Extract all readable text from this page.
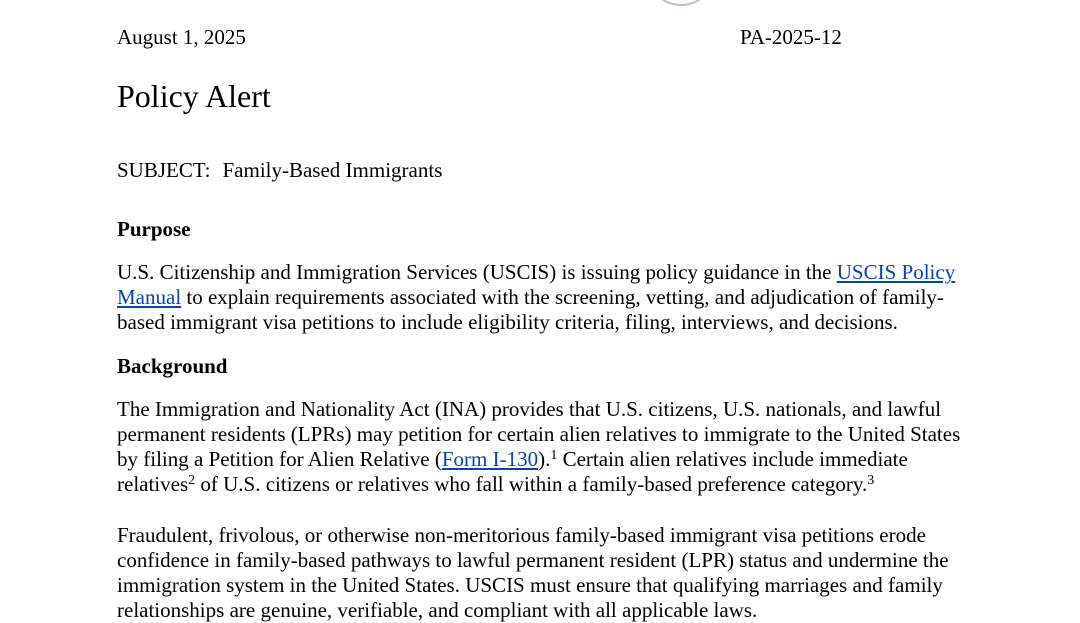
August 1, 2025	PA-2025-12
Policy Alert
SUBJECT: Family-Based Immigrants
Purpose

U.S. Citizenship and Immigration Services (USCIS) is issuing policy guidance in the USCIS Policy
Manual to explain requirements associated with the screening, vetting, and adjudication of family-
based immigrant visa petitions to include eligibility criteria, filing, interviews, and decisions.

Background

The Immigration and Nationality Act (INA) provides that U.S. citizens, U.S. nationals, and lawful
permanent residents (LPRs) may petition for certain alien relatives to immigrate to the United States
by filing a Petition for Alien Relative (Form I-130).$^1$ Certain alien relatives include immediate
relatives$^2$ of U.S. citizens or relatives who fall within a family-based preference category.$^3$

Fraudulent, frivolous, or otherwise non-meritorious family-based immigrant visa petitions erode
confidence in family-based pathways to lawful permanent resident (LPR) status and undermine the
immigration system in the United States. USCIS must ensure that qualifying marriages and family
relationships are genuine, verifiable, and compliant with all applicable laws.
